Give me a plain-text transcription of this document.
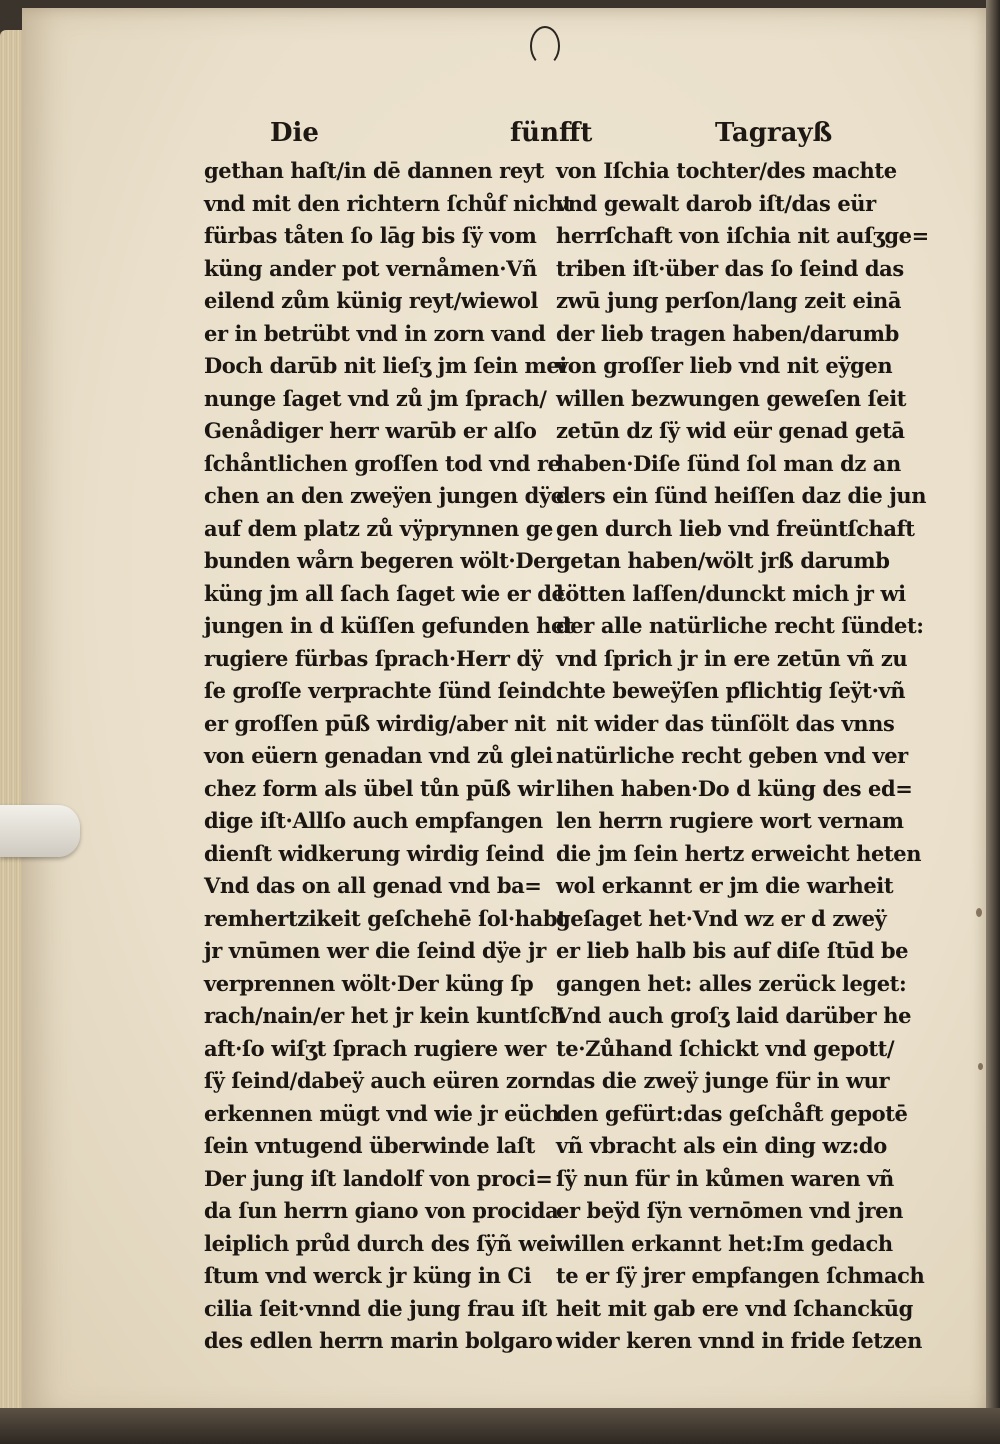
Die	fünfft	Tagrayß
gethan haſt/in dē dannen reyt
vnd mit den richtern ſchůf nicht
fürbas tåten ſo lāg bis ſÿ vom
küng ander pot vernåmen·Vñ
eilend zům künig reyt/wiewol
er in betrübt vnd in zorn vand
Doch darūb nit lieſʒ jm ſein mei
nunge ſaget vnd zů jm ſprach/
Genådiger herr warūb er alſo
ſchåntlichen groſſen tod vnd re
chen an den zweÿen jungen dÿe
auf dem platz zů vӱprynnen ge
bunden wårn begeren wölt·Der
küng jm all ſach ſaget wie er dē
jungen in d küſſen gefunden het
rugiere fürbas ſprach·Herr dÿ
ſe groſſe verprachte ſünd ſeind
er groſſen pūß wirdig/aber nit
von eüern genadan vnd zů glei
chez form als übel tůn pūß wir
dige iſt·Allſo auch empfangen
dienſt widkerung wirdig ſeind
Vnd das on all genad vnd ba=
remhertzikeit geſchehē ſol·habt
jr vnūmen wer die ſeind dÿe jr
verprennen wölt·Der küng ſp
rach/nain/er het jr kein kuntſch
aft·ſo wiſʒt ſprach rugiere wer
ſÿ ſeind/dabeÿ auch eüren zorn
erkennen mügt vnd wie jr eüch
ſein vntugend überwinde laſt
Der jung iſt landolf von proci=
da ſun herrn giano von procida
leiplich průd durch des ſÿñ wei
ſtum vnd werck jr küng in Ci
cilia ſeit·vnnd die jung frau iſt
des edlen herrn marin bolgaro
von Iſchia tochter/des machte
vnd gewalt darob iſt/das eür
herrſchaft von iſchia nit auſʒge=
triben iſt·über das ſo ſeind das
zwū jung perſon/lang zeit einā
der lieb tragen haben/darumb
von groſſer lieb vnd nit eÿgen
willen bezwungen geweſen ſeit
zetūn dz ſÿ wid eür genad getā
haben·Diſe ſünd ſol man dz an
ders ein ſünd heiſſen daz die jun
gen durch lieb vnd freüntſchaft
getan haben/wölt jrß darumb
tötten laſſen/dunckt mich jr wi
der alle natürliche recht ſündet:
vnd ſprich jr in ere zetūn vñ zu
chte beweÿſen pflichtig ſeÿt·vñ
nit wider das tünſölt das vnns
natürliche recht geben vnd ver
lihen haben·Do d küng des ed=
len herrn rugiere wort vernam
die jm ſein hertz erweicht heten
wol erkannt er jm die warheit
geſaget het·Vnd wz er d zweÿ
er lieb halb bis auf diſe ſtūd be
gangen het: alles zerück leget:
Vnd auch groſʒ laid darüber he
te·Zůhand ſchickt vnd gepott/
das die zweÿ junge für in wur
den gefürt:das geſchåft gepotē
vñ vbracht als ein ding wz:do
ſÿ nun für in kůmen waren vñ
er beÿd ſÿn vernōmen vnd jren
willen erkannt het:Im gedach
te er ſÿ jrer empfangen ſchmach
heit mit gab ere vnd ſchanckūg
wider keren vnnd in fride ſetzen
